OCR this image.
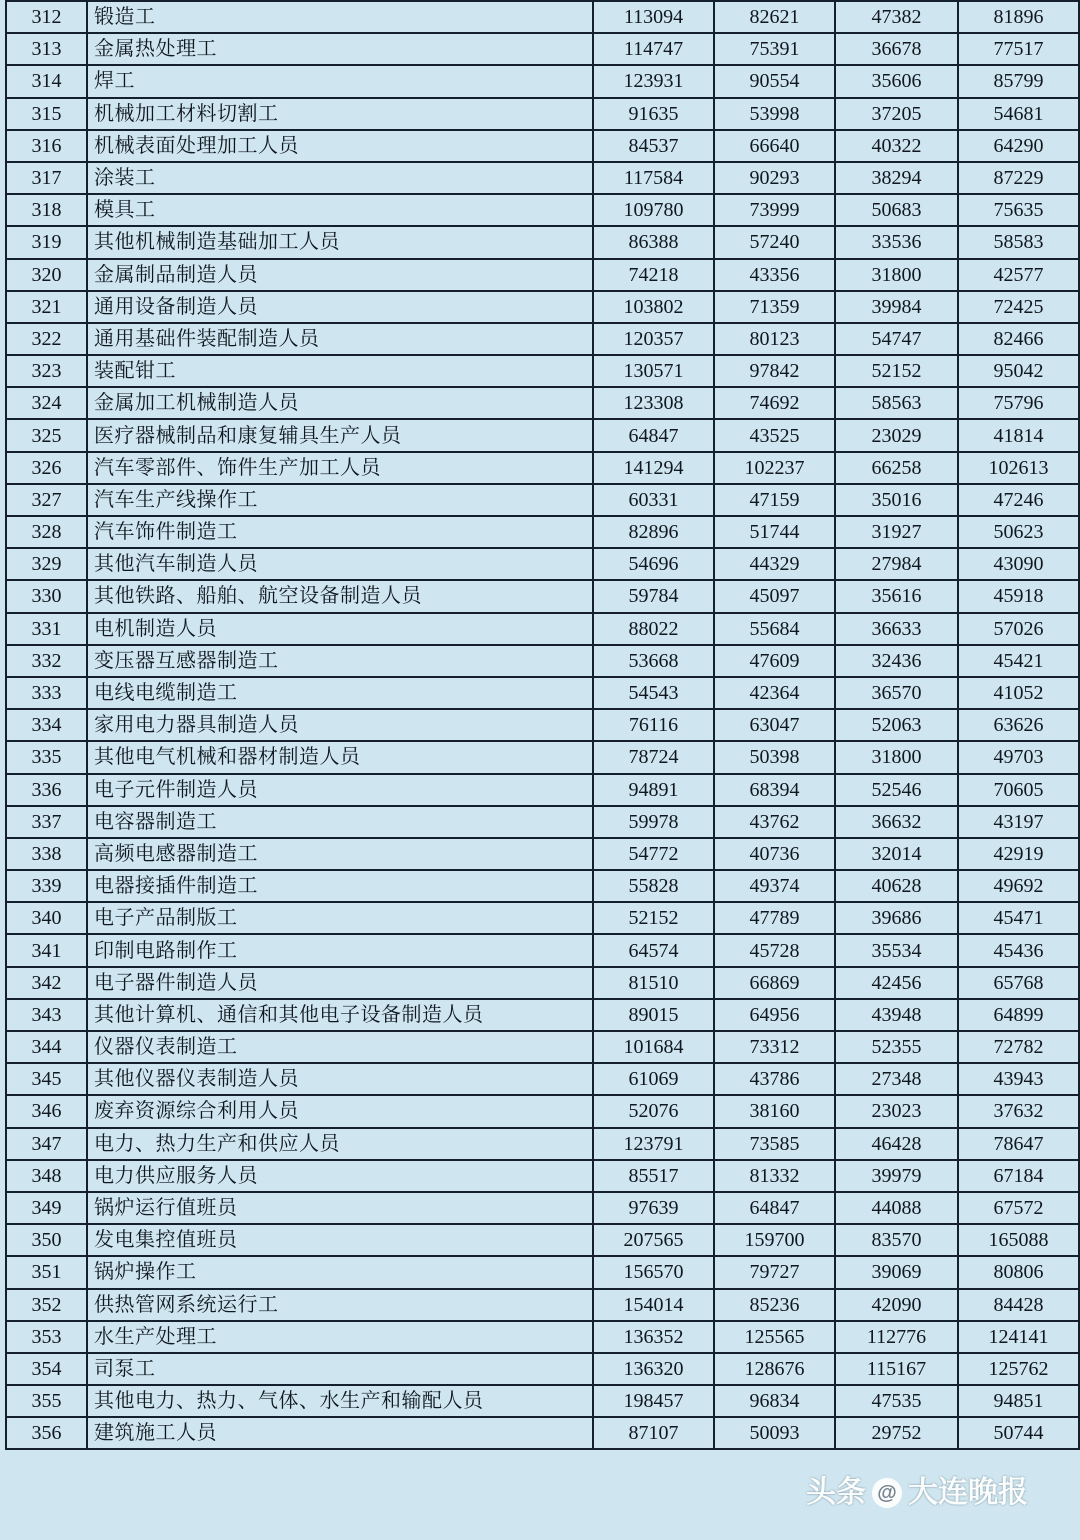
312	锻造工	113094	82621	47382	81896
313	金属热处理工	114747	75391	36678	77517
314	焊工	123931	90554	35606	85799
315	机械加工材料切割工	91635	53998	37205	54681
316	机械表面处理加工人员	84537	66640	40322	64290
317	涂装工	117584	90293	38294	87229
318	模具工	109780	73999	50683	75635
319	其他机械制造基础加工人员	86388	57240	33536	58583
320	金属制品制造人员	74218	43356	31800	42577
321	通用设备制造人员	103802	71359	39984	72425
322	通用基础件装配制造人员	120357	80123	54747	82466
323	装配钳工	130571	97842	52152	95042
324	金属加工机械制造人员	123308	74692	58563	75796
325	医疗器械制品和康复辅具生产人员	64847	43525	23029	41814
326	汽车零部件、饰件生产加工人员	141294	102237	66258	102613
327	汽车生产线操作工	60331	47159	35016	47246
328	汽车饰件制造工	82896	51744	31927	50623
329	其他汽车制造人员	54696	44329	27984	43090
330	其他铁路、船舶、航空设备制造人员	59784	45097	35616	45918
331	电机制造人员	88022	55684	36633	57026
332	变压器互感器制造工	53668	47609	32436	45421
333	电线电缆制造工	54543	42364	36570	41052
334	家用电力器具制造人员	76116	63047	52063	63626
335	其他电气机械和器材制造人员	78724	50398	31800	49703
336	电子元件制造人员	94891	68394	52546	70605
337	电容器制造工	59978	43762	36632	43197
338	高频电感器制造工	54772	40736	32014	42919
339	电器接插件制造工	55828	49374	40628	49692
340	电子产品制版工	52152	47789	39686	45471
341	印制电路制作工	64574	45728	35534	45436
342	电子器件制造人员	81510	66869	42456	65768
343	其他计算机、通信和其他电子设备制造人员	89015	64956	43948	64899
344	仪器仪表制造工	101684	73312	52355	72782
345	其他仪器仪表制造人员	61069	43786	27348	43943
346	废弃资源综合利用人员	52076	38160	23023	37632
347	电力、热力生产和供应人员	123791	73585	46428	78647
348	电力供应服务人员	85517	81332	39979	67184
349	锅炉运行值班员	97639	64847	44088	67572
350	发电集控值班员	207565	159700	83570	165088
351	锅炉操作工	156570	79727	39069	80806
352	供热管网系统运行工	154014	85236	42090	84428
353	水生产处理工	136352	125565	112776	124141
354	司泵工	136320	128676	115167	125762
355	其他电力、热力、气体、水生产和输配人员	198457	96834	47535	94851
356	建筑施工人员	87107	50093	29752	50744
头条 @ 大连晚报
